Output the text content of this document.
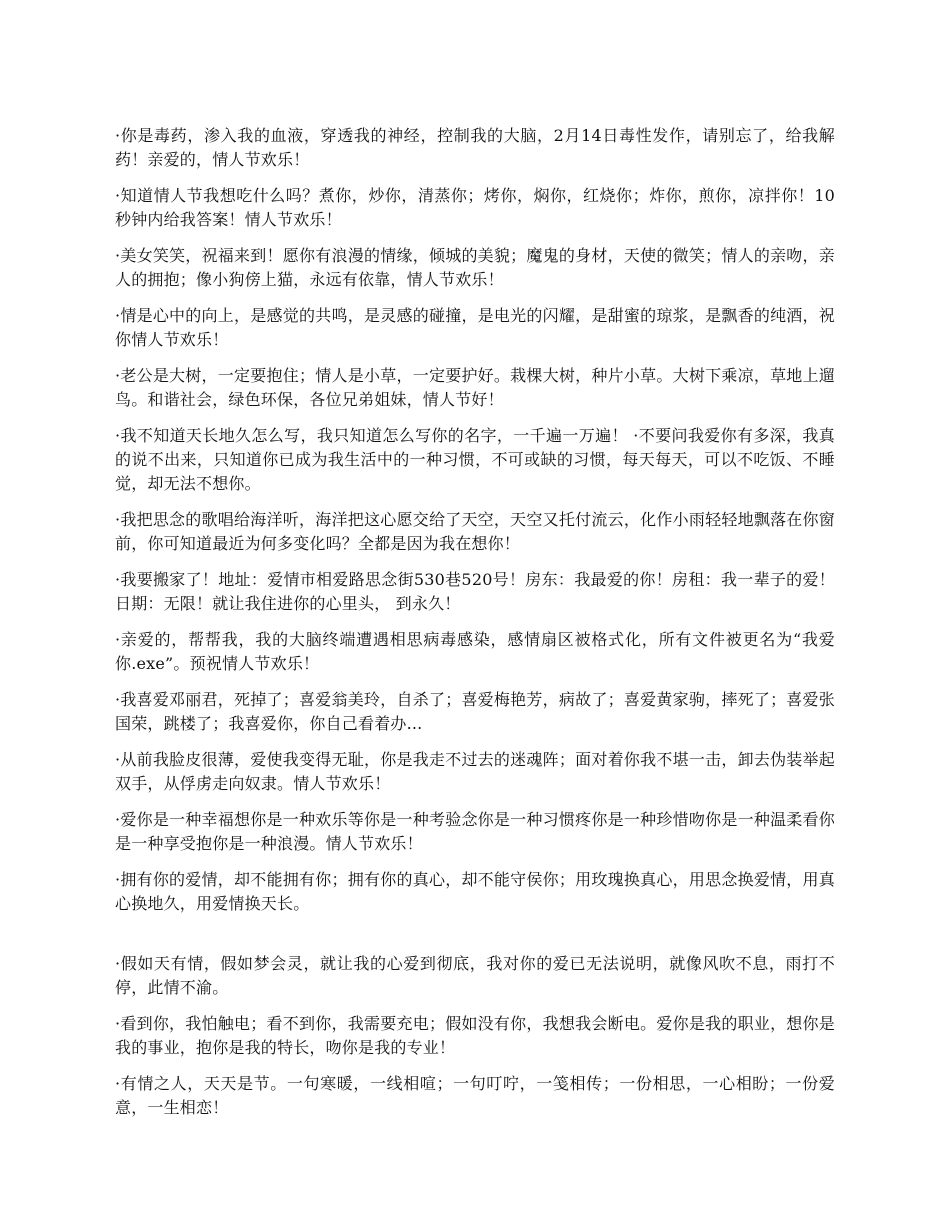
·你是毒药，渗入我的血液，穿透我的神经，控制我的大脑，2月14日毒性发作，请别忘了，给我解药！亲爱的，情人节欢乐！

·知道情人节我想吃什么吗？煮你，炒你，清蒸你；烤你，焖你，红烧你；炸你，煎你，凉拌你！10秒钟内给我答案！情人节欢乐！

·美女笑笑，祝福来到！愿你有浪漫的情缘，倾城的美貌；魔鬼的身材，天使的微笑；情人的亲吻，亲人的拥抱；像小狗傍上猫，永远有依靠，情人节欢乐！

·情是心中的向上，是感觉的共鸣，是灵感的碰撞，是电光的闪耀，是甜蜜的琼浆，是飘香的纯酒，祝你情人节欢乐！

·老公是大树，一定要抱住；情人是小草，一定要护好。栽棵大树，种片小草。大树下乘凉，草地上遛鸟。和谐社会，绿色环保，各位兄弟姐妹，情人节好！

·我不知道天长地久怎么写，我只知道怎么写你的名字，一千遍一万遍！ ·不要问我爱你有多深，我真的说不出来，只知道你已成为我生活中的一种习惯，不可或缺的习惯，每天每天，可以不吃饭、不睡觉，却无法不想你。

·我把思念的歌唱给海洋听，海洋把这心愿交给了天空，天空又托付流云，化作小雨轻轻地飘落在你窗前，你可知道最近为何多变化吗？全都是因为我在想你！

·我要搬家了！地址：爱情市相爱路思念街530巷520号！房东：我最爱的你！房租：我一辈子的爱！日期：无限！就让我住进你的心里头， 到永久！

·亲爱的，帮帮我，我的大脑终端遭遇相思病毒感染，感情扇区被格式化，所有文件被更名为“我爱你.exe”。预祝情人节欢乐！

·我喜爱邓丽君，死掉了；喜爱翁美玲，自杀了；喜爱梅艳芳，病故了；喜爱黄家驹，摔死了；喜爱张国荣，跳楼了；我喜爱你，你自己看着办...

·从前我脸皮很薄，爱使我变得无耻，你是我走不过去的迷魂阵；面对着你我不堪一击，卸去伪装举起双手，从俘虏走向奴隶。情人节欢乐！

·爱你是一种幸福想你是一种欢乐等你是一种考验念你是一种习惯疼你是一种珍惜吻你是一种温柔看你是一种享受抱你是一种浪漫。情人节欢乐！

·拥有你的爱情，却不能拥有你；拥有你的真心，却不能守侯你；用玫瑰换真心，用思念换爱情，用真心换地久，用爱情换天长。

·假如天有情，假如梦会灵，就让我的心爱到彻底，我对你的爱已无法说明，就像风吹不息，雨打不停，此情不渝。

·看到你，我怕触电；看不到你，我需要充电；假如没有你，我想我会断电。爱你是我的职业，想你是我的事业，抱你是我的特长，吻你是我的专业！

·有情之人，天天是节。一句寒暖，一线相喧；一句叮咛，一笺相传；一份相思，一心相盼；一份爱意，一生相恋！
